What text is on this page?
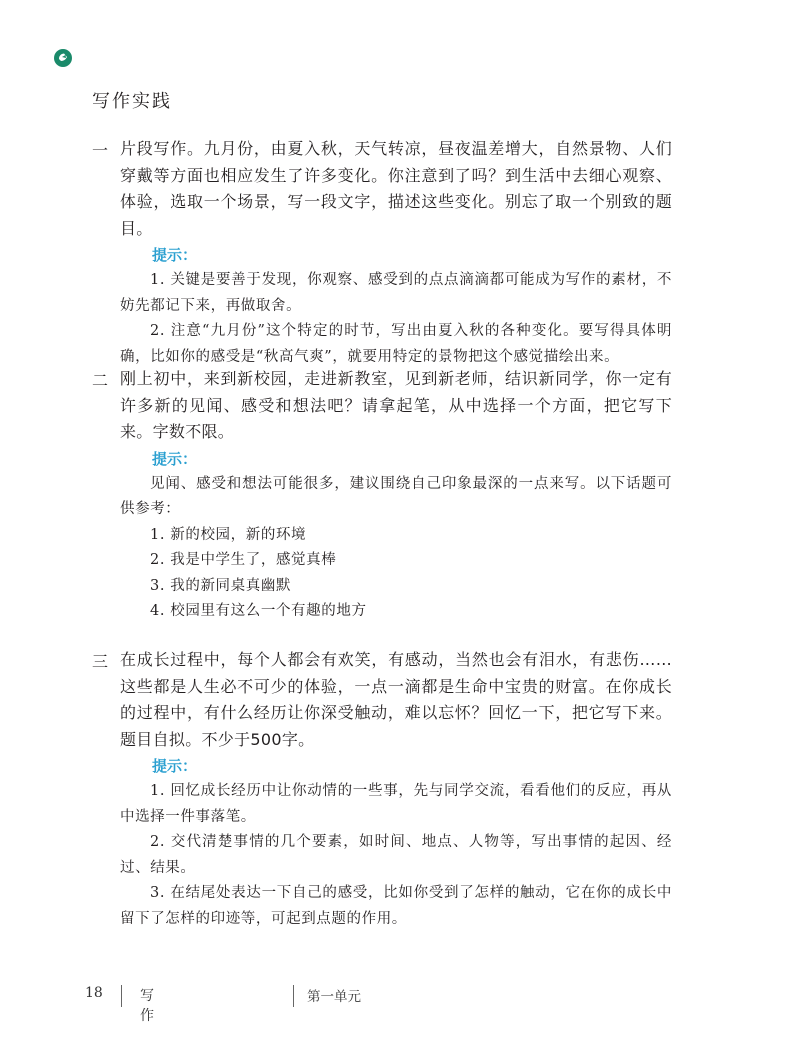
写作实践
一 片段写作。九月份，由夏入秋，天气转凉，昼夜温差增大，自然景物、人们穿戴等方面也相应发生了许多变化。你注意到了吗？到生活中去细心观察、体验，选取一个场景，写一段文字，描述这些变化。别忘了取一个别致的题目。
提示：
1. 关键是要善于发现，你观察、感受到的点点滴滴都可能成为写作的素材，不妨先都记下来，再做取舍。
2. 注意“九月份”这个特定的时节，写出由夏入秋的各种变化。要写得具体明确，比如你的感受是“秋高气爽”，就要用特定的景物把这个感觉描绘出来。
二 刚上初中，来到新校园，走进新教室，见到新老师，结识新同学，你一定有许多新的见闻、感受和想法吧？请拿起笔，从中选择一个方面，把它写下来。字数不限。
提示：
见闻、感受和想法可能很多，建议围绕自己印象最深的一点来写。以下话题可供参考：
1. 新的校园，新的环境
2. 我是中学生了，感觉真棒
3. 我的新同桌真幽默
4. 校园里有这么一个有趣的地方
三 在成长过程中，每个人都会有欢笑，有感动，当然也会有泪水，有悲伤……这些都是人生必不可少的体验，一点一滴都是生命中宝贵的财富。在你成长的过程中，有什么经历让你深受触动，难以忘怀？回忆一下，把它写下来。题目自拟。不少于500字。
提示：
1. 回忆成长经历中让你动情的一些事，先与同学交流，看看他们的反应，再从中选择一件事落笔。
2. 交代清楚事情的几个要素，如时间、地点、人物等，写出事情的起因、经过、结果。
3. 在结尾处表达一下自己的感受，比如你受到了怎样的触动，它在你的成长中留下了怎样的印迹等，可起到点题的作用。
18	写作
第一单元
